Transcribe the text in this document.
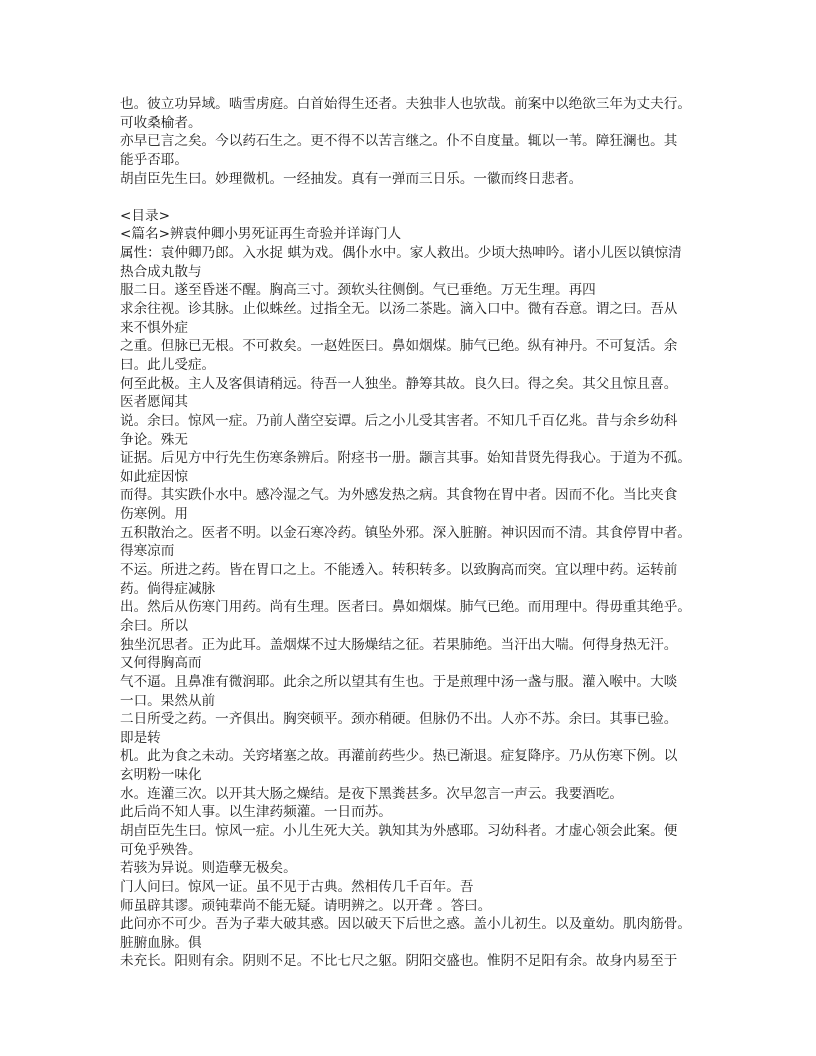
也。彼立功异域。啮雪虏庭。白首始得生还者。夫独非人也欤哉。前案中以绝欲三年为丈夫行。
可收桑榆者。
亦早已言之矣。今以药石生之。更不得不以苦言继之。仆不自度量。辄以一苇。障狂澜也。其
能乎否耶。
胡卣臣先生曰。妙理微机。一经抽发。真有一弹而三日乐。一徽而终日悲者。
<目录>
<篇名>辨袁仲卿小男死证再生奇验并详诲门人
属性：袁仲卿乃郎。入水捉 蜞为戏。偶仆水中。家人救出。少顷大热呻吟。诸小儿医以镇惊清
热合成丸散与
服二日。遂至昏迷不醒。胸高三寸。颈软头往侧倒。气已垂绝。万无生理。再四
求余往视。诊其脉。止似蛛丝。过指全无。以汤二茶匙。滴入口中。微有吞意。谓之曰。吾从
来不惧外症
之重。但脉已无根。不可救矣。一赵姓医曰。鼻如烟煤。肺气已绝。纵有神丹。不可复活。余
曰。此儿受症。
何至此极。主人及客俱请稍远。待吾一人独坐。静筹其故。良久曰。得之矣。其父且惊且喜。
医者愿闻其
说。余曰。惊风一症。乃前人凿空妄谭。后之小儿受其害者。不知几千百亿兆。昔与余乡幼科
争论。殊无
证据。后见方中行先生伤寒条辨后。附痉书一册。颛言其事。始知昔贤先得我心。于道为不孤。
如此症因惊
而得。其实跌仆水中。感冷湿之气。为外感发热之病。其食物在胃中者。因而不化。当比夹食
伤寒例。用
五积散治之。医者不明。以金石寒冷药。镇坠外邪。深入脏腑。神识因而不清。其食停胃中者。
得寒凉而
不运。所进之药。皆在胃口之上。不能透入。转积转多。以致胸高而突。宜以理中药。运转前
药。倘得症减脉
出。然后从伤寒门用药。尚有生理。医者曰。鼻如烟煤。肺气已绝。而用理中。得毋重其绝乎。
余曰。所以
独坐沉思者。正为此耳。盖烟煤不过大肠燥结之征。若果肺绝。当汗出大喘。何得身热无汗。
又何得胸高而
气不逼。且鼻准有微润耶。此余之所以望其有生也。于是煎理中汤一盏与服。灌入喉中。大啖
一口。果然从前
二日所受之药。一齐俱出。胸突顿平。颈亦稍硬。但脉仍不出。人亦不苏。余曰。其事已验。
即是转
机。此为食之未动。关窍堵塞之故。再灌前药些少。热已渐退。症复降序。乃从伤寒下例。以
玄明粉一味化
水。连灌三次。以开其大肠之燥结。是夜下黑粪甚多。次早忽言一声云。我要酒吃。
此后尚不知人事。以生津药频灌。一日而苏。
胡卣臣先生曰。惊风一症。小儿生死大关。孰知其为外感耶。习幼科者。才虚心领会此案。便
可免乎殃咎。
若骇为异说。则造孽无极矣。
门人问曰。惊风一证。虽不见于古典。然相传几千百年。吾
师虽辟其谬。顽钝辈尚不能无疑。请明辨之。以开聋 。答曰。
此问亦不可少。吾为子辈大破其惑。因以破天下后世之惑。盖小儿初生。以及童幼。肌肉筋骨。
脏腑血脉。俱
未充长。阳则有余。阴则不足。不比七尺之躯。阴阳交盛也。惟阴不足阳有余。故身内易至于
